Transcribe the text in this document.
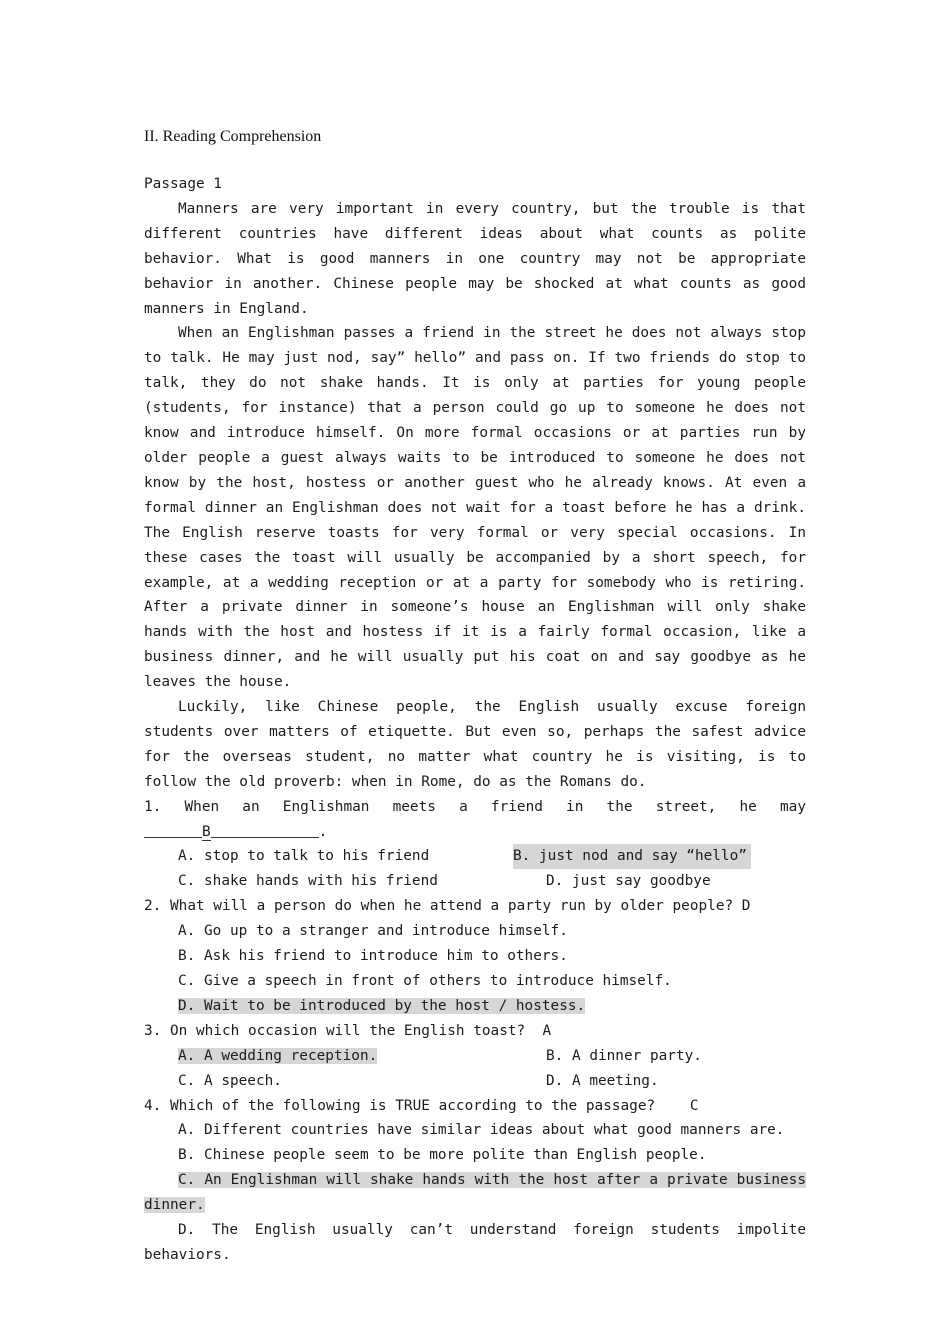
II. Reading Comprehension

Passage 1

Manners are very important in every country, but the trouble is that different countries have different ideas about what counts as polite behavior. What is good manners in one country may not be appropriate behavior in another. Chinese people may be shocked at what counts as good manners in England.

When an Englishman passes a friend in the street he does not always stop to talk. He may just nod, sayˮ helloˮ and pass on. If two friends do stop to talk, they do not shake hands. It is only at parties for young people (students, for instance) that a person could go up to someone he does not know and introduce himself. On more formal occasions or at parties run by older people a guest always waits to be introduced to someone he does not know by the host, hostess or another guest who he already knows. At even a formal dinner an Englishman does not wait for a toast before he has a drink. The English reserve toasts for very formal or very special occasions. In these cases the toast will usually be accompanied by a short speech, for example, at a wedding reception or at a party for somebody who is retiring. After a private dinner in someone’s house an Englishman will only shake hands with the host and hostess if it is a fairly formal occasion, like a business dinner, and he will usually put his coat on and say goodbye as he leaves the house.

Luckily, like Chinese people, the English usually excuse foreign students over matters of etiquette. But even so, perhaps the safest advice for the overseas student, no matter what country he is visiting, is to follow the old proverb: when in Rome, do as the Romans do.

1. When an Englishman meets a friend in the street, he may

B	.

A. stop to talk to his friend	B. just nod and say “hello”
C. shake hands with his friend	D. just say goodbye

2. What will a person do when he attend a party run by older people? D

A. Go up to a stranger and introduce himself.

B. Ask his friend to introduce him to others.

C. Give a speech in front of others to introduce himself.

D. Wait to be introduced by the host / hostess.

3. On which occasion will the English toast?  A

A. A wedding reception.	B. A dinner party.
C. A speech.	D. A meeting.

4. Which of the following is TRUE according to the passage?    C

A. Different countries have similar ideas about what good manners are.

B. Chinese people seem to be more polite than English people.

C. An Englishman will shake hands with the host after a private business dinner.

D. The English usually can’t understand foreign students impolite behaviors.
